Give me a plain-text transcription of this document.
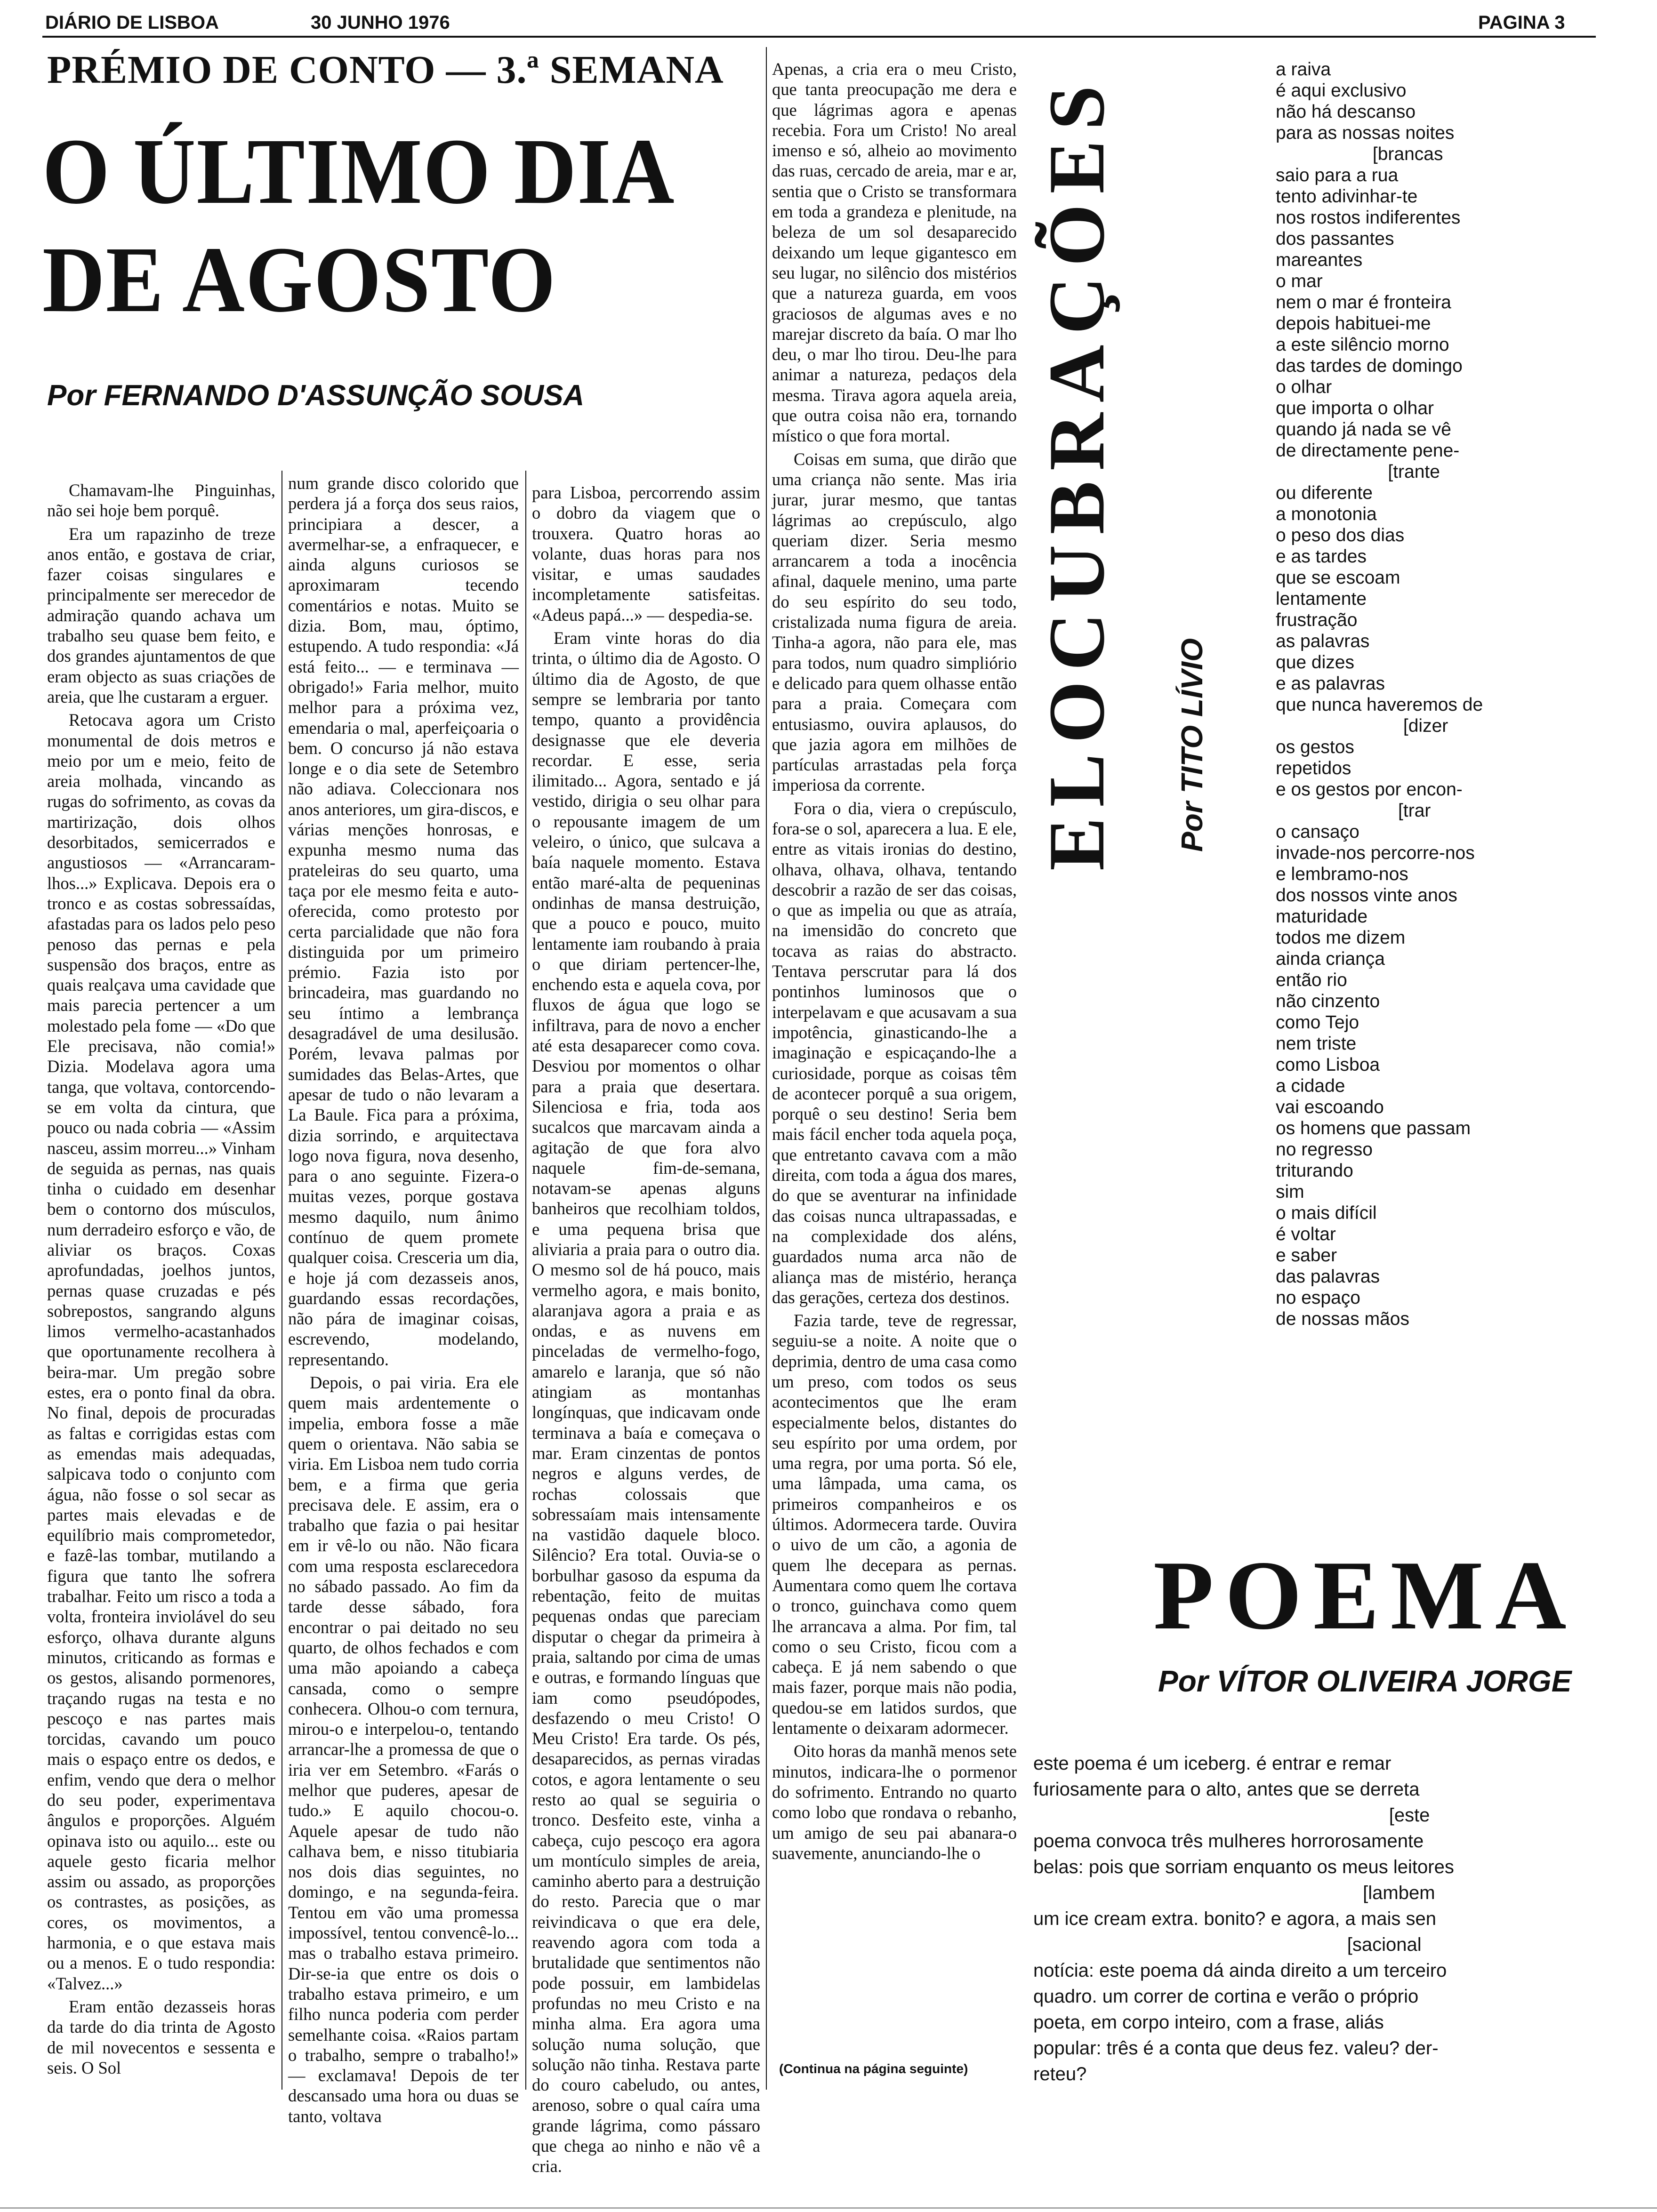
DIÁRIO DE LISBOA	30 JUNHO 1976	PAGINA 3
PRÉMIO DE CONTO — 3.ª SEMANA
O ÚLTIMO DIA
DE AGOSTO
Por FERNANDO D'ASSUNÇÃO SOUSA

Chamavam-lhe Pinguinhas, não sei hoje bem porquê.

Era um rapazinho de treze anos então, e gostava de criar, fazer coisas singulares e principalmente ser merecedor de admiração quando achava um trabalho seu quase bem feito, e dos grandes ajuntamentos de que eram objecto as suas criações de areia, que lhe custaram a erguer.

Retocava agora um Cristo monumental de dois metros e meio por um e meio, feito de areia molhada, vincando as rugas do sofrimento, as covas da martirização, dois olhos desorbitados, semicerrados e angustiosos — «Arrancaram-lhos...» Explicava. Depois era o tronco e as costas sobressaídas, afastadas para os lados pelo peso penoso das pernas e pela suspensão dos braços, entre as quais realçava uma cavidade que mais parecia pertencer a um molestado pela fome — «Do que Ele precisava, não comia!» Dizia. Modelava agora uma tanga, que voltava, contorcendo-se em volta da cintura, que pouco ou nada cobria — «Assim nasceu, assim morreu...» Vinham de seguida as pernas, nas quais tinha o cuidado em desenhar bem o contorno dos músculos, num derradeiro esforço e vão, de aliviar os braços. Coxas aprofundadas, joelhos juntos, pernas quase cruzadas e pés sobrepostos, sangrando alguns limos vermelho-acastanhados que oportunamente recolhera à beira-mar. Um pregão sobre estes, era o ponto final da obra. No final, depois de procuradas as faltas e corrigidas estas com as emendas mais adequadas, salpicava todo o conjunto com água, não fosse o sol secar as partes mais elevadas e de equilíbrio mais comprometedor, e fazê-las tombar, mutilando a figura que tanto lhe sofrera trabalhar. Feito um risco a toda a volta, fronteira inviolável do seu esforço, olhava durante alguns minutos, criticando as formas e os gestos, alisando pormenores, traçando rugas na testa e no pescoço e nas partes mais torcidas, cavando um pouco mais o espaço entre os dedos, e enfim, vendo que dera o melhor do seu poder, experimentava ângulos e proporções. Alguém opinava isto ou aquilo... este ou aquele gesto ficaria melhor assim ou assado, as proporções os contrastes, as posições, as cores, os movimentos, a harmonia, e o que estava mais ou a menos. E o tudo respondia: «Talvez...»

Eram então dezasseis horas da tarde do dia trinta de Agosto de mil novecentos e sessenta e seis. O Sol

num grande disco colorido que perdera já a força dos seus raios, principiara a descer, a avermelhar-se, a enfraquecer, e ainda alguns curiosos se aproximaram tecendo comentários e notas. Muito se dizia. Bom, mau, óptimo, estupendo. A tudo respondia: «Já está feito... — e terminava — obrigado!» Faria melhor, muito melhor para a próxima vez, emendaria o mal, aperfeiçoaria o bem. O concurso já não estava longe e o dia sete de Setembro não adiava. Coleccionara nos anos anteriores, um gira-discos, e várias menções honrosas, e expunha mesmo numa das prateleiras do seu quarto, uma taça por ele mesmo feita e auto-oferecida, como protesto por certa parcialidade que não fora distinguida por um primeiro prémio. Fazia isto por brincadeira, mas guardando no seu íntimo a lembrança desagradável de uma desilusão. Porém, levava palmas por sumidades das Belas-Artes, que apesar de tudo o não levaram a La Baule. Fica para a próxima, dizia sorrindo, e arquitectava logo nova figura, nova desenho, para o ano seguinte. Fizera-o muitas vezes, porque gostava mesmo daquilo, num ânimo contínuo de quem promete qualquer coisa. Cresceria um dia, e hoje já com dezasseis anos, guardando essas recordações, não pára de imaginar coisas, escrevendo, modelando, representando.

Depois, o pai viria. Era ele quem mais ardentemente o impelia, embora fosse a mãe quem o orientava. Não sabia se viria. Em Lisboa nem tudo corria bem, e a firma que geria precisava dele. E assim, era o trabalho que fazia o pai hesitar em ir vê-lo ou não. Não ficara com uma resposta esclarecedora no sábado passado. Ao fim da tarde desse sábado, fora encontrar o pai deitado no seu quarto, de olhos fechados e com uma mão apoiando a cabeça cansada, como o sempre conhecera. Olhou-o com ternura, mirou-o e interpelou-o, tentando arrancar-lhe a promessa de que o iria ver em Setembro. «Farás o melhor que puderes, apesar de tudo.» E aquilo chocou-o. Aquele apesar de tudo não calhava bem, e nisso titubiaria nos dois dias seguintes, no domingo, e na segunda-feira. Tentou em vão uma promessa impossível, tentou convencê-lo... mas o trabalho estava primeiro. Dir-se-ia que entre os dois o trabalho estava primeiro, e um filho nunca poderia com perder semelhante coisa. «Raios partam o trabalho, sempre o trabalho!» — exclamava! Depois de ter descansado uma hora ou duas se tanto, voltava

para Lisboa, percorrendo assim o dobro da viagem que o trouxera. Quatro horas ao volante, duas horas para nos visitar, e umas saudades incompletamente satisfeitas. «Adeus papá...» — despedia-se.

Eram vinte horas do dia trinta, o último dia de Agosto. O último dia de Agosto, de que sempre se lembraria por tanto tempo, quanto a providência designasse que ele deveria recordar. E esse, seria ilimitado... Agora, sentado e já vestido, dirigia o seu olhar para o repousante imagem de um veleiro, o único, que sulcava a baía naquele momento. Estava então maré-alta de pequeninas ondinhas de mansa destruição, que a pouco e pouco, muito lentamente iam roubando à praia o que diriam pertencer-lhe, enchendo esta e aquela cova, por fluxos de água que logo se infiltrava, para de novo a encher até esta desaparecer como cova. Desviou por momentos o olhar para a praia que desertara. Silenciosa e fria, toda aos sucalcos que marcavam ainda a agitação de que fora alvo naquele fim-de-semana, notavam-se apenas alguns banheiros que recolhiam toldos, e uma pequena brisa que aliviaria a praia para o outro dia. O mesmo sol de há pouco, mais vermelho agora, e mais bonito, alaranjava agora a praia e as ondas, e as nuvens em pinceladas de vermelho-fogo, amarelo e laranja, que só não atingiam as montanhas longínquas, que indicavam onde terminava a baía e começava o mar. Eram cinzentas de pontos negros e alguns verdes, de rochas colossais que sobressaíam mais intensamente na vastidão daquele bloco. Silêncio? Era total. Ouvia-se o borbulhar gasoso da espuma da rebentação, feito de muitas pequenas ondas que pareciam disputar o chegar da primeira à praia, saltando por cima de umas e outras, e formando línguas que iam como pseudópodes, desfazendo o meu Cristo! O Meu Cristo! Era tarde. Os pés, desaparecidos, as pernas viradas cotos, e agora lentamente o seu resto ao qual se seguiria o tronco. Desfeito este, vinha a cabeça, cujo pescoço era agora um montículo simples de areia, caminho aberto para a destruição do resto. Parecia que o mar reivindicava o que era dele, reavendo agora com toda a brutalidade que sentimentos não pode possuir, em lambidelas profundas no meu Cristo e na minha alma. Era agora uma solução numa solução, que solução não tinha. Restava parte do couro cabeludo, ou antes, arenoso, sobre o qual caíra uma grande lágrima, como pássaro que chega ao ninho e não vê a cria.

Apenas, a cria era o meu Cristo, que tanta preocupação me dera e que lágrimas agora e apenas recebia. Fora um Cristo! No areal imenso e só, alheio ao movimento das ruas, cercado de areia, mar e ar, sentia que o Cristo se transformara em toda a grandeza e plenitude, na beleza de um sol desaparecido deixando um leque gigantesco em seu lugar, no silêncio dos mistérios que a natureza guarda, em voos graciosos de algumas aves e no marejar discreto da baía. O mar lho deu, o mar lho tirou. Deu-lhe para animar a natureza, pedaços dela mesma. Tirava agora aquela areia, que outra coisa não era, tornando místico o que fora mortal.

Coisas em suma, que dirão que uma criança não sente. Mas iria jurar, jurar mesmo, que tantas lágrimas ao crepúsculo, algo queriam dizer. Seria mesmo arrancarem a toda a inocência afinal, daquele menino, uma parte do seu espírito do seu todo, cristalizada numa figura de areia. Tinha-a agora, não para ele, mas para todos, num quadro simpliório e delicado para quem olhasse então para a praia. Começara com entusiasmo, ouvira aplausos, do que jazia agora em milhões de partículas arrastadas pela força imperiosa da corrente.

Fora o dia, viera o crepúsculo, fora-se o sol, aparecera a lua. E ele, entre as vitais ironias do destino, olhava, olhava, olhava, tentando descobrir a razão de ser das coisas, o que as impelia ou que as atraía, na imensidão do concreto que tocava as raias do abstracto. Tentava perscrutar para lá dos pontinhos luminosos que o interpelavam e que acusavam a sua impotência, ginasticando-lhe a imaginação e espicaçando-lhe a curiosidade, porque as coisas têm de acontecer porquê a sua origem, porquê o seu destino! Seria bem mais fácil encher toda aquela poça, que entretanto cavava com a mão direita, com toda a água dos mares, do que se aventurar na infinidade das coisas nunca ultrapassadas, e na complexidade dos aléns, guardados numa arca não de aliança mas de mistério, herança das gerações, certeza dos destinos.

Fazia tarde, teve de regressar, seguiu-se a noite. A noite que o deprimia, dentro de uma casa como um preso, com todos os seus acontecimentos que lhe eram especialmente belos, distantes do seu espírito por uma ordem, por uma regra, por uma porta. Só ele, uma lâmpada, uma cama, os primeiros companheiros e os últimos. Adormecera tarde. Ouvira o uivo de um cão, a agonia de quem lhe decepara as pernas. Aumentara como quem lhe cortava o tronco, guinchava como quem lhe arrancava a alma. Por fim, tal como o seu Cristo, ficou com a cabeça. E já nem sabendo o que mais fazer, porque mais não podia, quedou-se em latidos surdos, que lentamente o deixaram adormecer.

Oito horas da manhã menos sete minutos, indicara-lhe o pormenor do sofrimento. Entrando no quarto como lobo que rondava o rebanho, um amigo de seu pai abanara-o suavemente, anunciando-lhe o

(Continua na página seguinte)
ELOCUBRAÇÕES Por TITO LÍVIO
a raiva
é aqui exclusivo
não há descanso
para as nossas noites
[brancas
saio para a rua
tento adivinhar-te
nos rostos indiferentes
dos passantes
mareantes
o mar
nem o mar é fronteira
depois habituei-me
a este silêncio morno
das tardes de domingo
o olhar
que importa o olhar
quando já nada se vê
de directamente pene-
[trante
ou diferente
a monotonia
o peso dos dias
e as tardes
que se escoam
lentamente
frustração
as palavras
que dizes
e as palavras
que nunca haveremos de
[dizer
os gestos
repetidos
e os gestos por encon-
[trar
o cansaço
invade-nos percorre-nos
e lembramo-nos
dos nossos vinte anos
maturidade
todos me dizem
ainda criança
então rio
não cinzento
como Tejo
nem triste
como Lisboa
a cidade
vai escoando
os homens que passam
no regresso
triturando
sim
o mais difícil
é voltar
e saber
das palavras
no espaço
de nossas mãos
POEMA
Por VÍTOR OLIVEIRA JORGE
este poema é um iceberg. é entrar e remar
furiosamente para o alto, antes que se derreta
[este
poema convoca três mulheres horrorosamente
belas: pois que sorriam enquanto os meus leitores
[lambem
um ice cream extra. bonito? e agora, a mais sen
[sacional
notícia: este poema dá ainda direito a um terceiro
quadro. um correr de cortina e verão o próprio
poeta, em corpo inteiro, com a frase, aliás
popular: três é a conta que deus fez. valeu? der-
reteu?
